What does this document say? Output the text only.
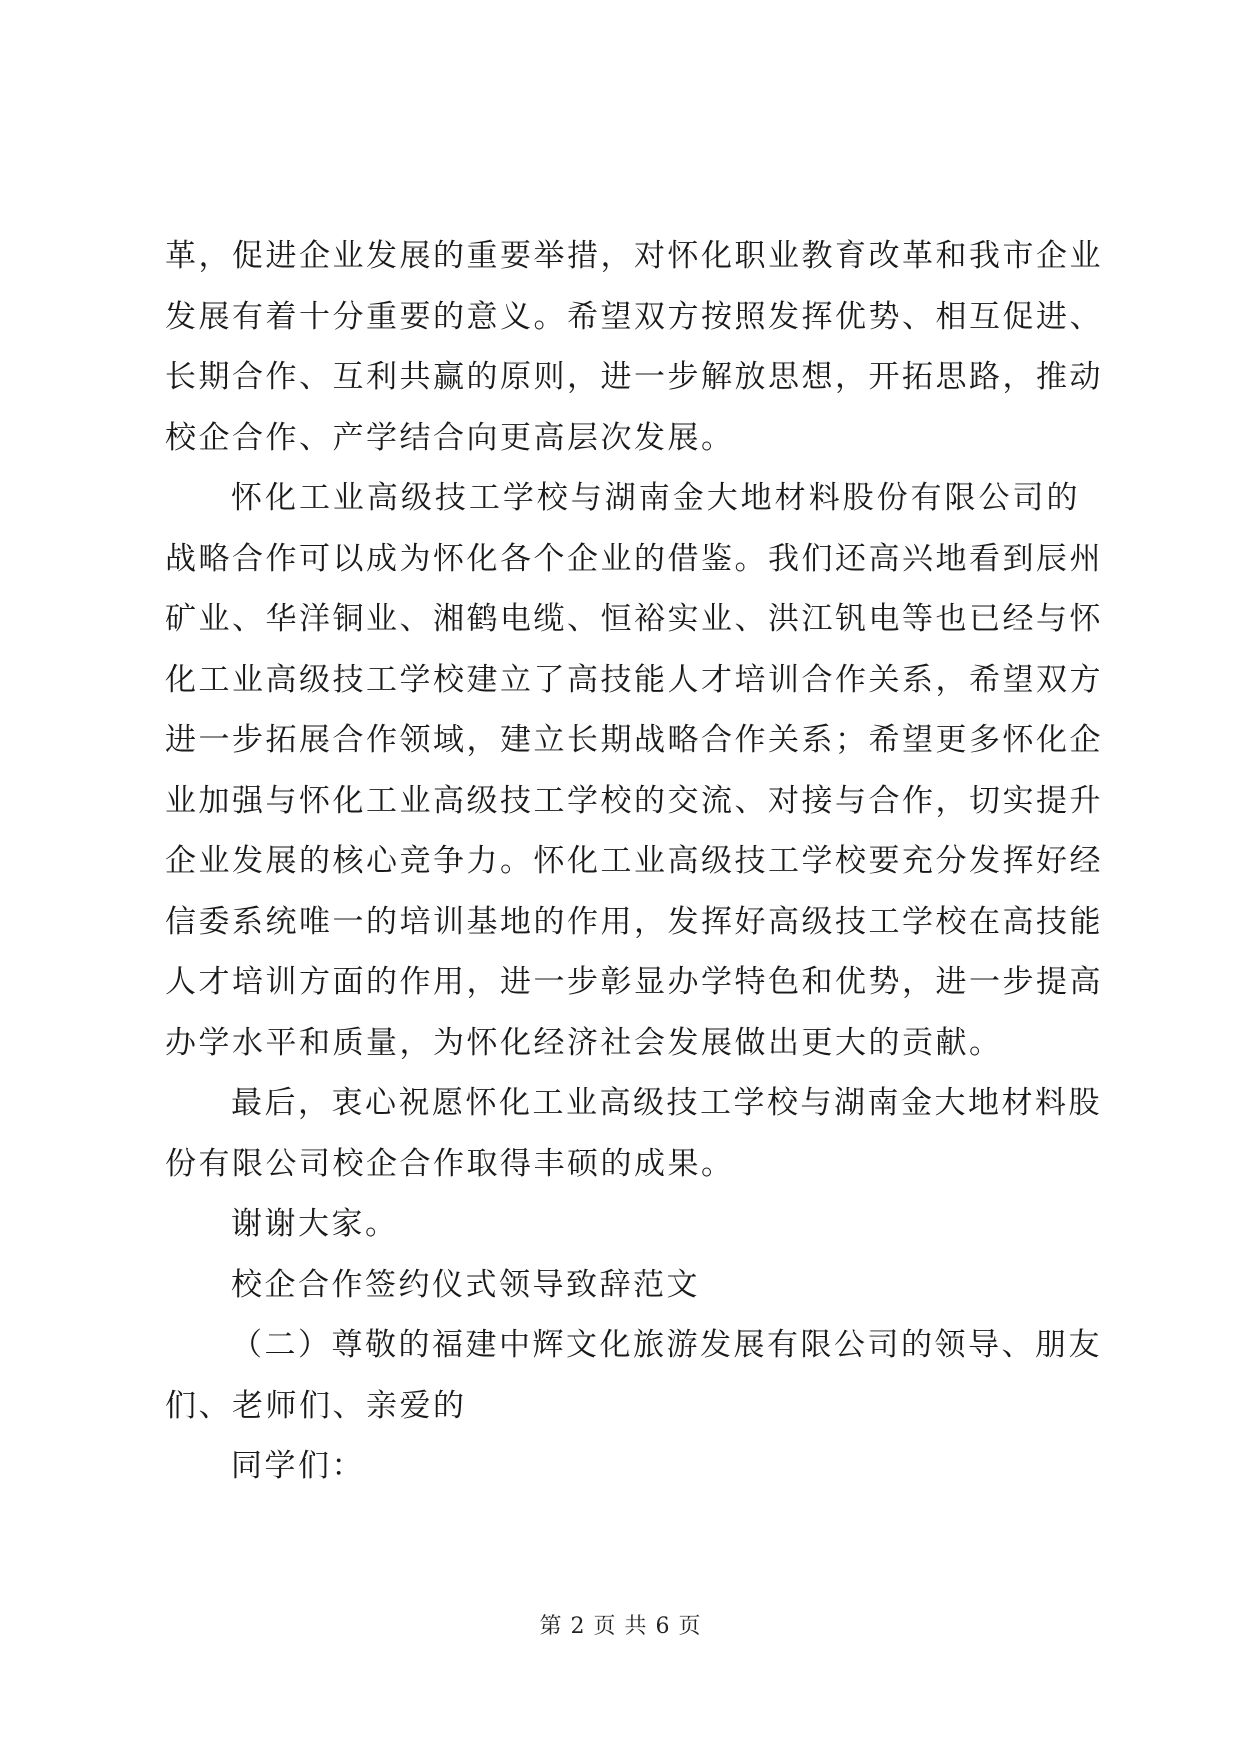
革，促进企业发展的重要举措，对怀化职业教育改革和我市企业
发展有着十分重要的意义。希望双方按照发挥优势、相互促进、
长期合作、互利共赢的原则，进一步解放思想，开拓思路，推动
校企合作、产学结合向更高层次发展。
怀化工业高级技工学校与湖南金大地材料股份有限公司的
战略合作可以成为怀化各个企业的借鉴。我们还高兴地看到辰州
矿业、华洋铜业、湘鹤电缆、恒裕实业、洪江钒电等也已经与怀
化工业高级技工学校建立了高技能人才培训合作关系，希望双方
进一步拓展合作领域，建立长期战略合作关系；希望更多怀化企
业加强与怀化工业高级技工学校的交流、对接与合作，切实提升
企业发展的核心竞争力。怀化工业高级技工学校要充分发挥好经
信委系统唯一的培训基地的作用，发挥好高级技工学校在高技能
人才培训方面的作用，进一步彰显办学特色和优势，进一步提高
办学水平和质量，为怀化经济社会发展做出更大的贡献。
最后，衷心祝愿怀化工业高级技工学校与湖南金大地材料股
份有限公司校企合作取得丰硕的成果。
谢谢大家。
校企合作签约仪式领导致辞范文
（二）尊敬的福建中辉文化旅游发展有限公司的领导、朋友
们、老师们、亲爱的
同学们：
第 2 页 共 6 页
